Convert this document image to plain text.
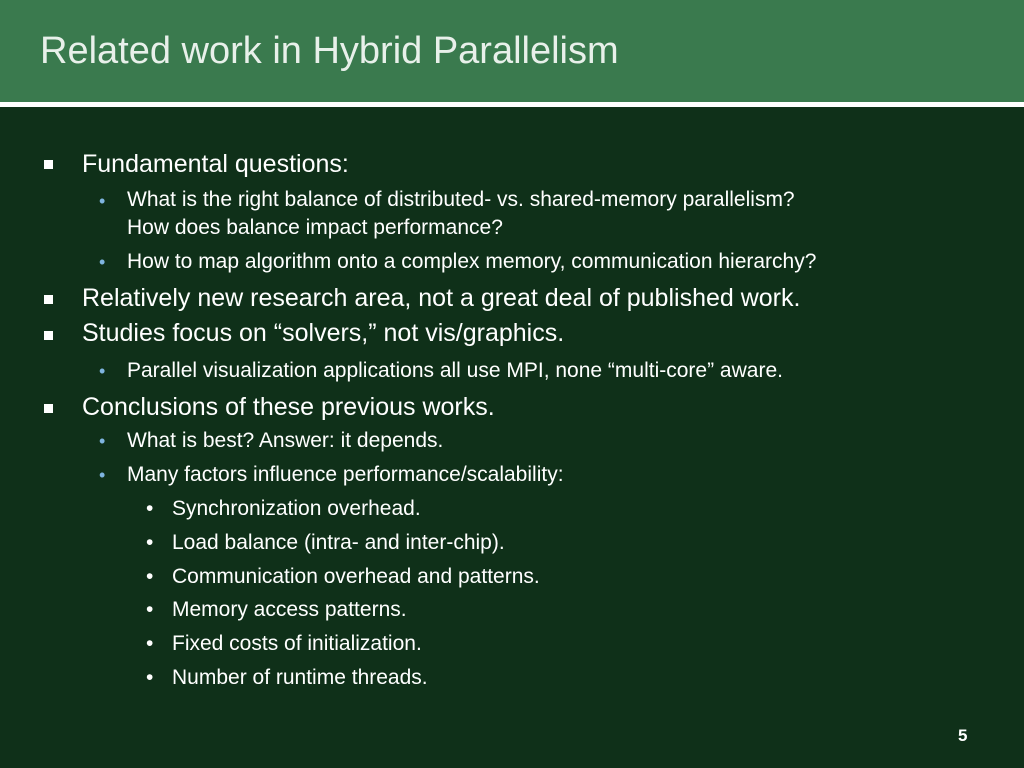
Related work in Hybrid Parallelism
Fundamental questions:
• What is the right balance of distributed- vs. shared-memory parallelism?
How does balance impact performance?
• How to map algorithm onto a complex memory, communication hierarchy?
Relatively new research area, not a great deal of published work.
Studies focus on “solvers,” not vis/graphics.
• Parallel visualization applications all use MPI, none “multi-core” aware.
Conclusions of these previous works.
• What is best? Answer: it depends.
• Many factors influence performance/scalability:
• Synchronization overhead.
• Load balance (intra- and inter-chip).
• Communication overhead and patterns.
• Memory access patterns.
• Fixed costs of initialization.
• Number of runtime threads.
5
